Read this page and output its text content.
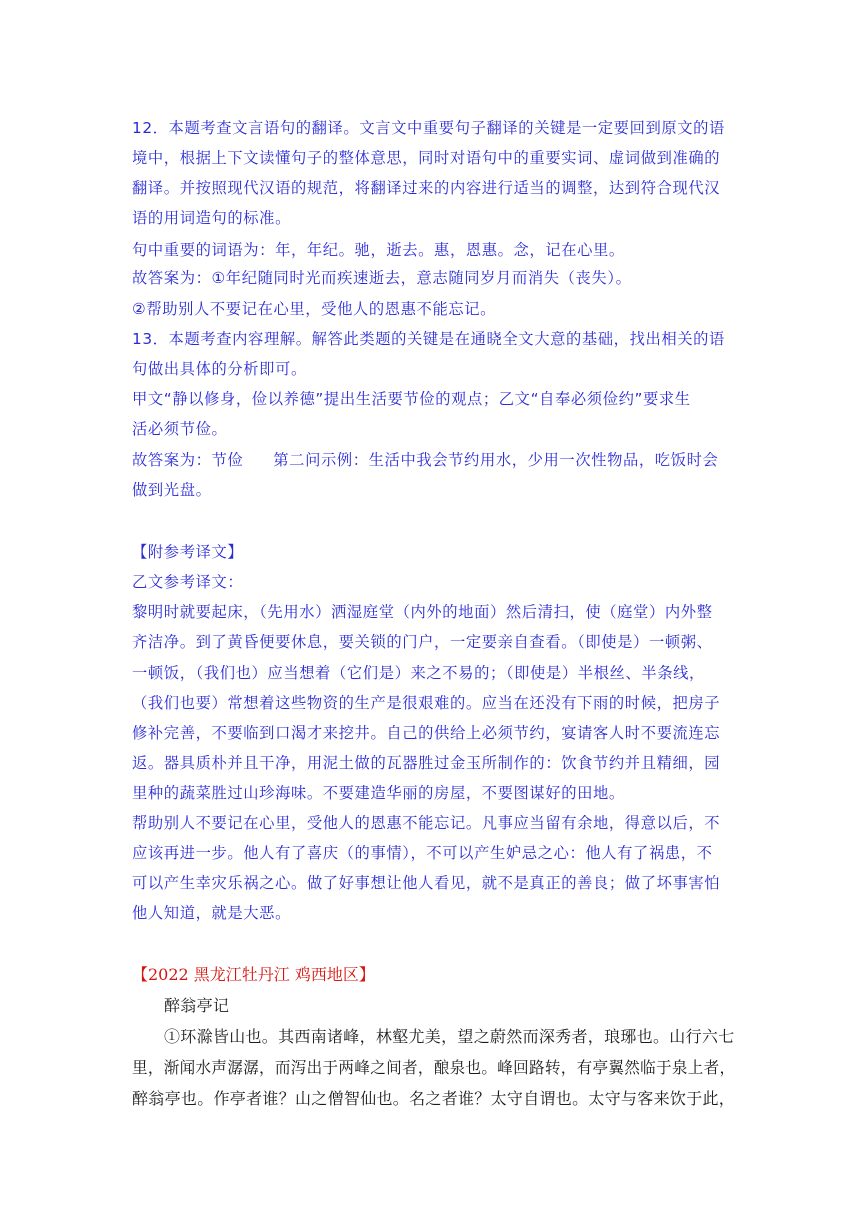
12．本题考查文言语句的翻译。文言文中重要句子翻译的关键是一定要回到原文的语
境中，根据上下文读懂句子的整体意思，同时对语句中的重要实词、虚词做到准确的
翻译。并按照现代汉语的规范，将翻译过来的内容进行适当的调整，达到符合现代汉
语的用词造句的标准。
句中重要的词语为：年，年纪。驰，逝去。惠，恩惠。念，记在心里。
故答案为：①年纪随同时光而疾速逝去，意志随同岁月而消失（丧失）。
②帮助别人不要记在心里，受他人的恩惠不能忘记。
13．本题考查内容理解。解答此类题的关键是在通晓全文大意的基础，找出相关的语
句做出具体的分析即可。
甲文“静以修身，俭以养德”提出生活要节俭的观点；乙文“自奉必须俭约”要求生
活必须节俭。
故答案为：节俭 第二问示例：生活中我会节约用水，少用一次性物品，吃饭时会
做到光盘。
【附参考译文】
乙文参考译文：
黎明时就要起床，（先用水）洒湿庭堂（内外的地面）然后清扫，使（庭堂）内外整
齐洁净。到了黄昏便要休息，要关锁的门户，一定要亲自查看。（即使是）一顿粥、
一顿饭，（我们也）应当想着（它们是）来之不易的；（即使是）半根丝、半条线，
（我们也要）常想着这些物资的生产是很艰难的。应当在还没有下雨的时候，把房子
修补完善，不要临到口渴才来挖井。自己的供给上必须节约，宴请客人时不要流连忘
返。器具质朴并且干净，用泥土做的瓦器胜过金玉所制作的：饮食节约并且精细，园
里种的蔬菜胜过山珍海味。不要建造华丽的房屋，不要图谋好的田地。
帮助别人不要记在心里，受他人的恩惠不能忘记。凡事应当留有余地，得意以后，不
应该再进一步。他人有了喜庆（的事情），不可以产生妒忌之心：他人有了祸患，不
可以产生幸灾乐祸之心。做了好事想让他人看见，就不是真正的善良；做了坏事害怕
他人知道，就是大恶。
【2022 黑龙江牡丹江 鸡西地区】
醉翁亭记
①环滁皆山也。其西南诸峰，林壑尤美，望之蔚然而深秀者，琅琊也。山行六七
里，渐闻水声潺潺，而泻出于两峰之间者，酿泉也。峰回路转，有亭翼然临于泉上者，
醉翁亭也。作亭者谁？山之僧智仙也。名之者谁？太守自谓也。太守与客来饮于此，
